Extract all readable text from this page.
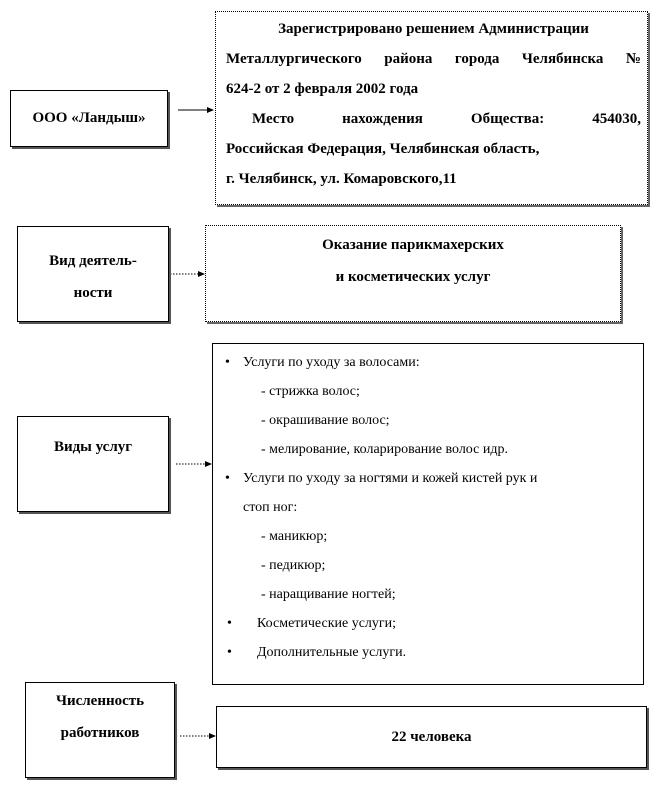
ООО «Ландыш»
Зарегистрировано решением Администрации
Металлургического района города Челябинска №
624-2 от 2 февраля 2002 года
Место нахождения Общества: 454030,
Российская Федерация, Челябинская область,
г. Челябинск, ул. Комаровского,11
Вид деятель-
ности
Оказание парикмахерских
и косметических услуг
Виды услуг
• Услуги по уходу за волосами:
- стрижка волос;
- окрашивание волос;
- мелирование, коларирование волос идр.
• Услуги по уходу за ногтями и кожей кистей рук и
стоп ног:
- маникюр;
- педикюр;
- наращивание ногтей;
• Косметические услуги;
• Дополнительные услуги.
Численность
работников	22 человека
